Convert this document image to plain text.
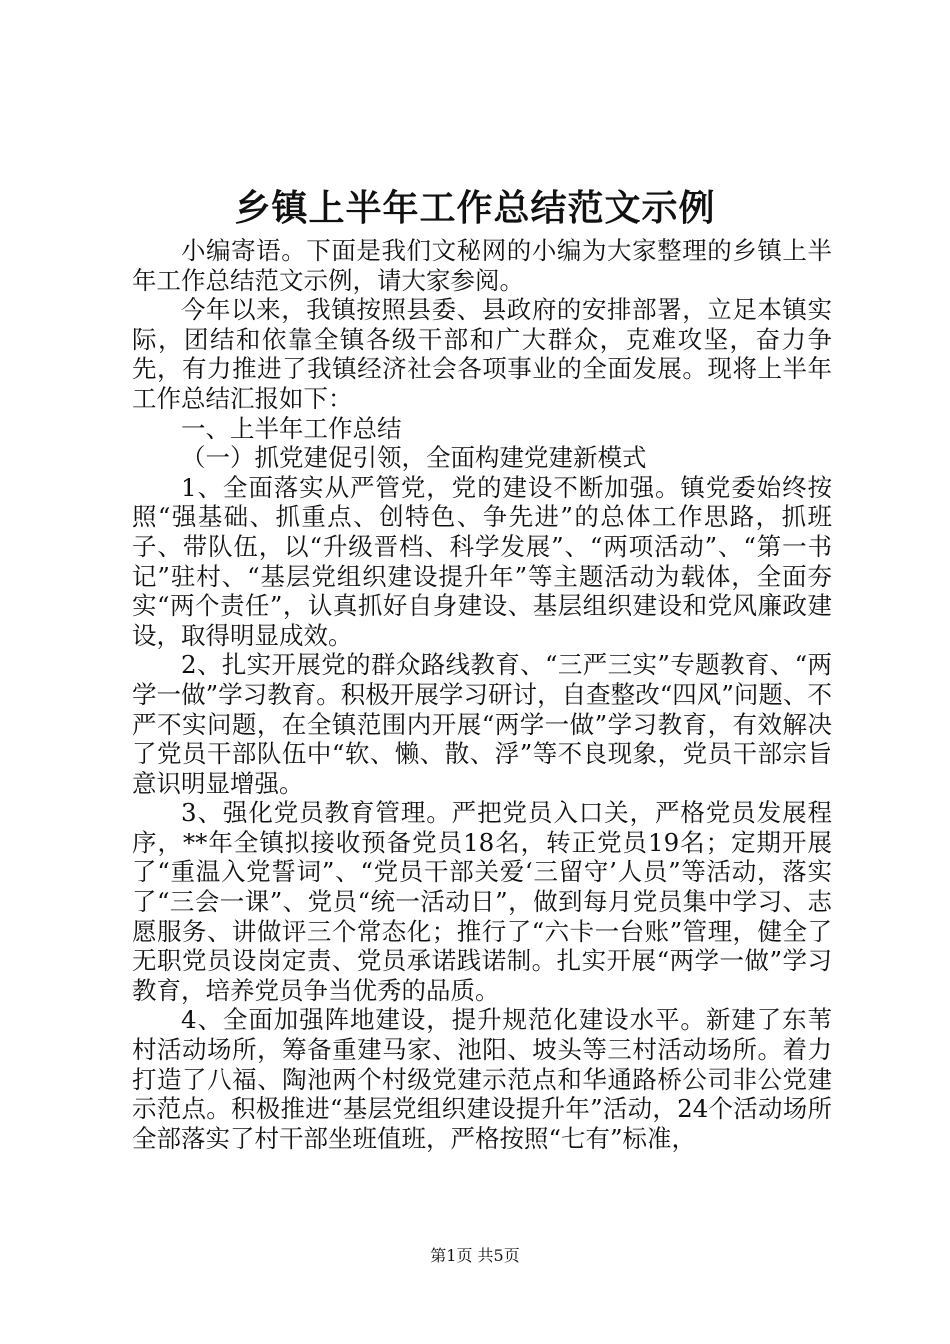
乡镇上半年工作总结范文示例

小编寄语。下面是我们文秘网的小编为大家整理的乡镇上半年工作总结范文示例，请大家参阅。

今年以来，我镇按照县委、县政府的安排部署，立足本镇实际，团结和依靠全镇各级干部和广大群众，克难攻坚，奋力争先，有力推进了我镇经济社会各项事业的全面发展。现将上半年工作总结汇报如下：

一、上半年工作总结

（一）抓党建促引领，全面构建党建新模式

1、全面落实从严管党，党的建设不断加强。镇党委始终按照“强基础、抓重点、创特色、争先进”的总体工作思路，抓班子、带队伍，以“升级晋档、科学发展”、“两项活动”、“第一书记”驻村、“基层党组织建设提升年”等主题活动为载体，全面夯实“两个责任”，认真抓好自身建设、基层组织建设和党风廉政建设，取得明显成效。

2、扎实开展党的群众路线教育、“三严三实”专题教育、“两学一做”学习教育。积极开展学习研讨，自查整改“四风”问题、不严不实问题，在全镇范围内开展“两学一做”学习教育，有效解决了党员干部队伍中“软、懒、散、浮”等不良现象，党员干部宗旨意识明显增强。

3、强化党员教育管理。严把党员入口关，严格党员发展程序，**年全镇拟接收预备党员18名，转正党员19名；定期开展了“重温入党誓词”、“党员干部关爱‘三留守’人员”等活动，落实了“三会一课”、党员“统一活动日”，做到每月党员集中学习、志愿服务、讲做评三个常态化；推行了“六卡一台账”管理，健全了无职党员设岗定责、党员承诺践诺制。扎实开展“两学一做”学习教育，培养党员争当优秀的品质。

4、全面加强阵地建设，提升规范化建设水平。新建了东苇村活动场所，筹备重建马家、池阳、坡头等三村活动场所。着力打造了八福、陶池两个村级党建示范点和华通路桥公司非公党建示范点。积极推进“基层党组织建设提升年”活动，24个活动场所全部落实了村干部坐班值班，严格按照“七有”标准，

第1页 共5页
